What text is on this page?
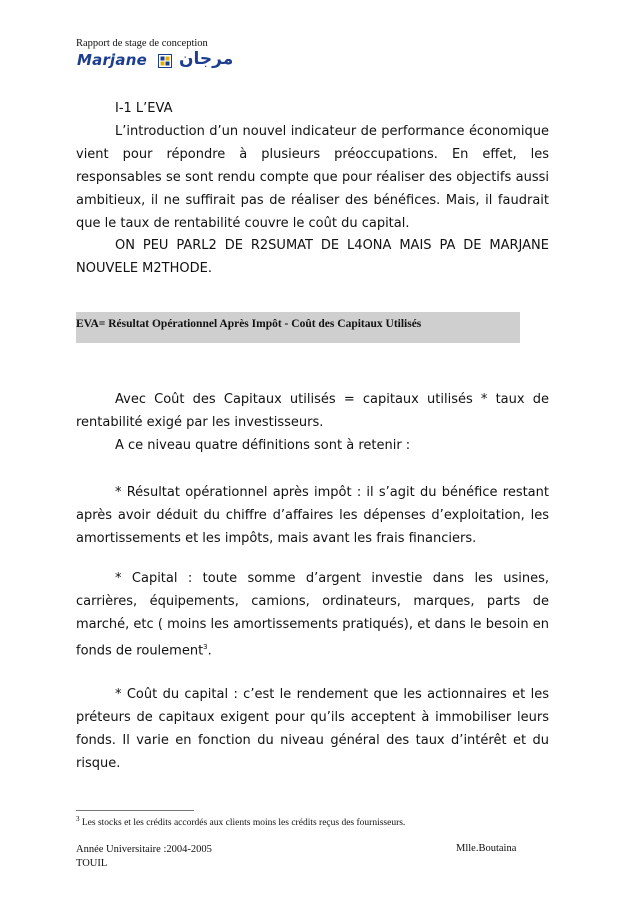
Rapport de stage de conception
Marjane مرجان

I-1 L’EVA

L’introduction d’un nouvel indicateur de performance économique vient pour répondre à plusieurs préoccupations. En effet, les responsables se sont rendu compte que pour réaliser des objectifs aussi ambitieux, il ne suffirait pas de réaliser des bénéfices. Mais, il faudrait que le taux de rentabilité couvre le coût du capital.

ON PEU PARL2 DE R2SUMAT DE L4ONA MAIS PA DE MARJANE NOUVELE M2THODE.

EVA= Résultat Opérationnel Après Impôt - Coût des Capitaux Utilisés

Avec Coût des Capitaux utilisés = capitaux utilisés * taux de rentabilité exigé par les investisseurs.

A ce niveau quatre définitions sont à retenir :

* Résultat opérationnel après impôt : il s’agit du bénéfice restant après avoir déduit du chiffre d’affaires les dépenses d’exploitation, les amortissements et les impôts, mais avant les frais financiers.

* Capital : toute somme d’argent investie dans les usines, carrières, équipements, camions, ordinateurs, marques, parts de marché, etc ( moins les amortissements pratiqués), et dans le besoin en fonds de roulement$^3$.

* Coût du capital : c’est le rendement que les actionnaires et les préteurs de capitaux exigent pour qu’ils acceptent à immobiliser leurs fonds. Il varie en fonction du niveau général des taux d’intérêt et du risque.

$^3$ Les stocks et les crédits accordés aux clients moins les crédits reçus des fournisseurs.
Année Universitaire :2004-2005
TOUIL
Mlle.Boutaina
